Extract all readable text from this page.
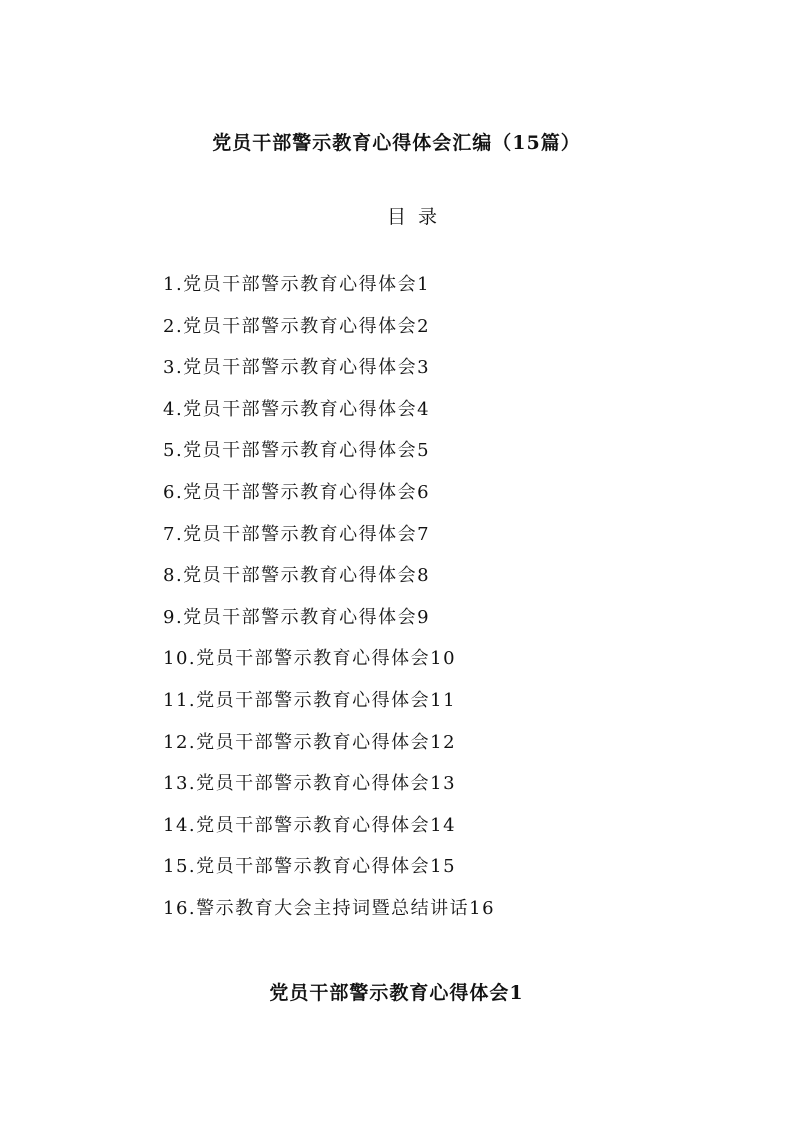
党员干部警示教育心得体会汇编（15篇）
目录
1.党员干部警示教育心得体会1
2.党员干部警示教育心得体会2
3.党员干部警示教育心得体会3
4.党员干部警示教育心得体会4
5.党员干部警示教育心得体会5
6.党员干部警示教育心得体会6
7.党员干部警示教育心得体会7
8.党员干部警示教育心得体会8
9.党员干部警示教育心得体会9
10.党员干部警示教育心得体会10
11.党员干部警示教育心得体会11
12.党员干部警示教育心得体会12
13.党员干部警示教育心得体会13
14.党员干部警示教育心得体会14
15.党员干部警示教育心得体会15
16.警示教育大会主持词暨总结讲话16
党员干部警示教育心得体会1
